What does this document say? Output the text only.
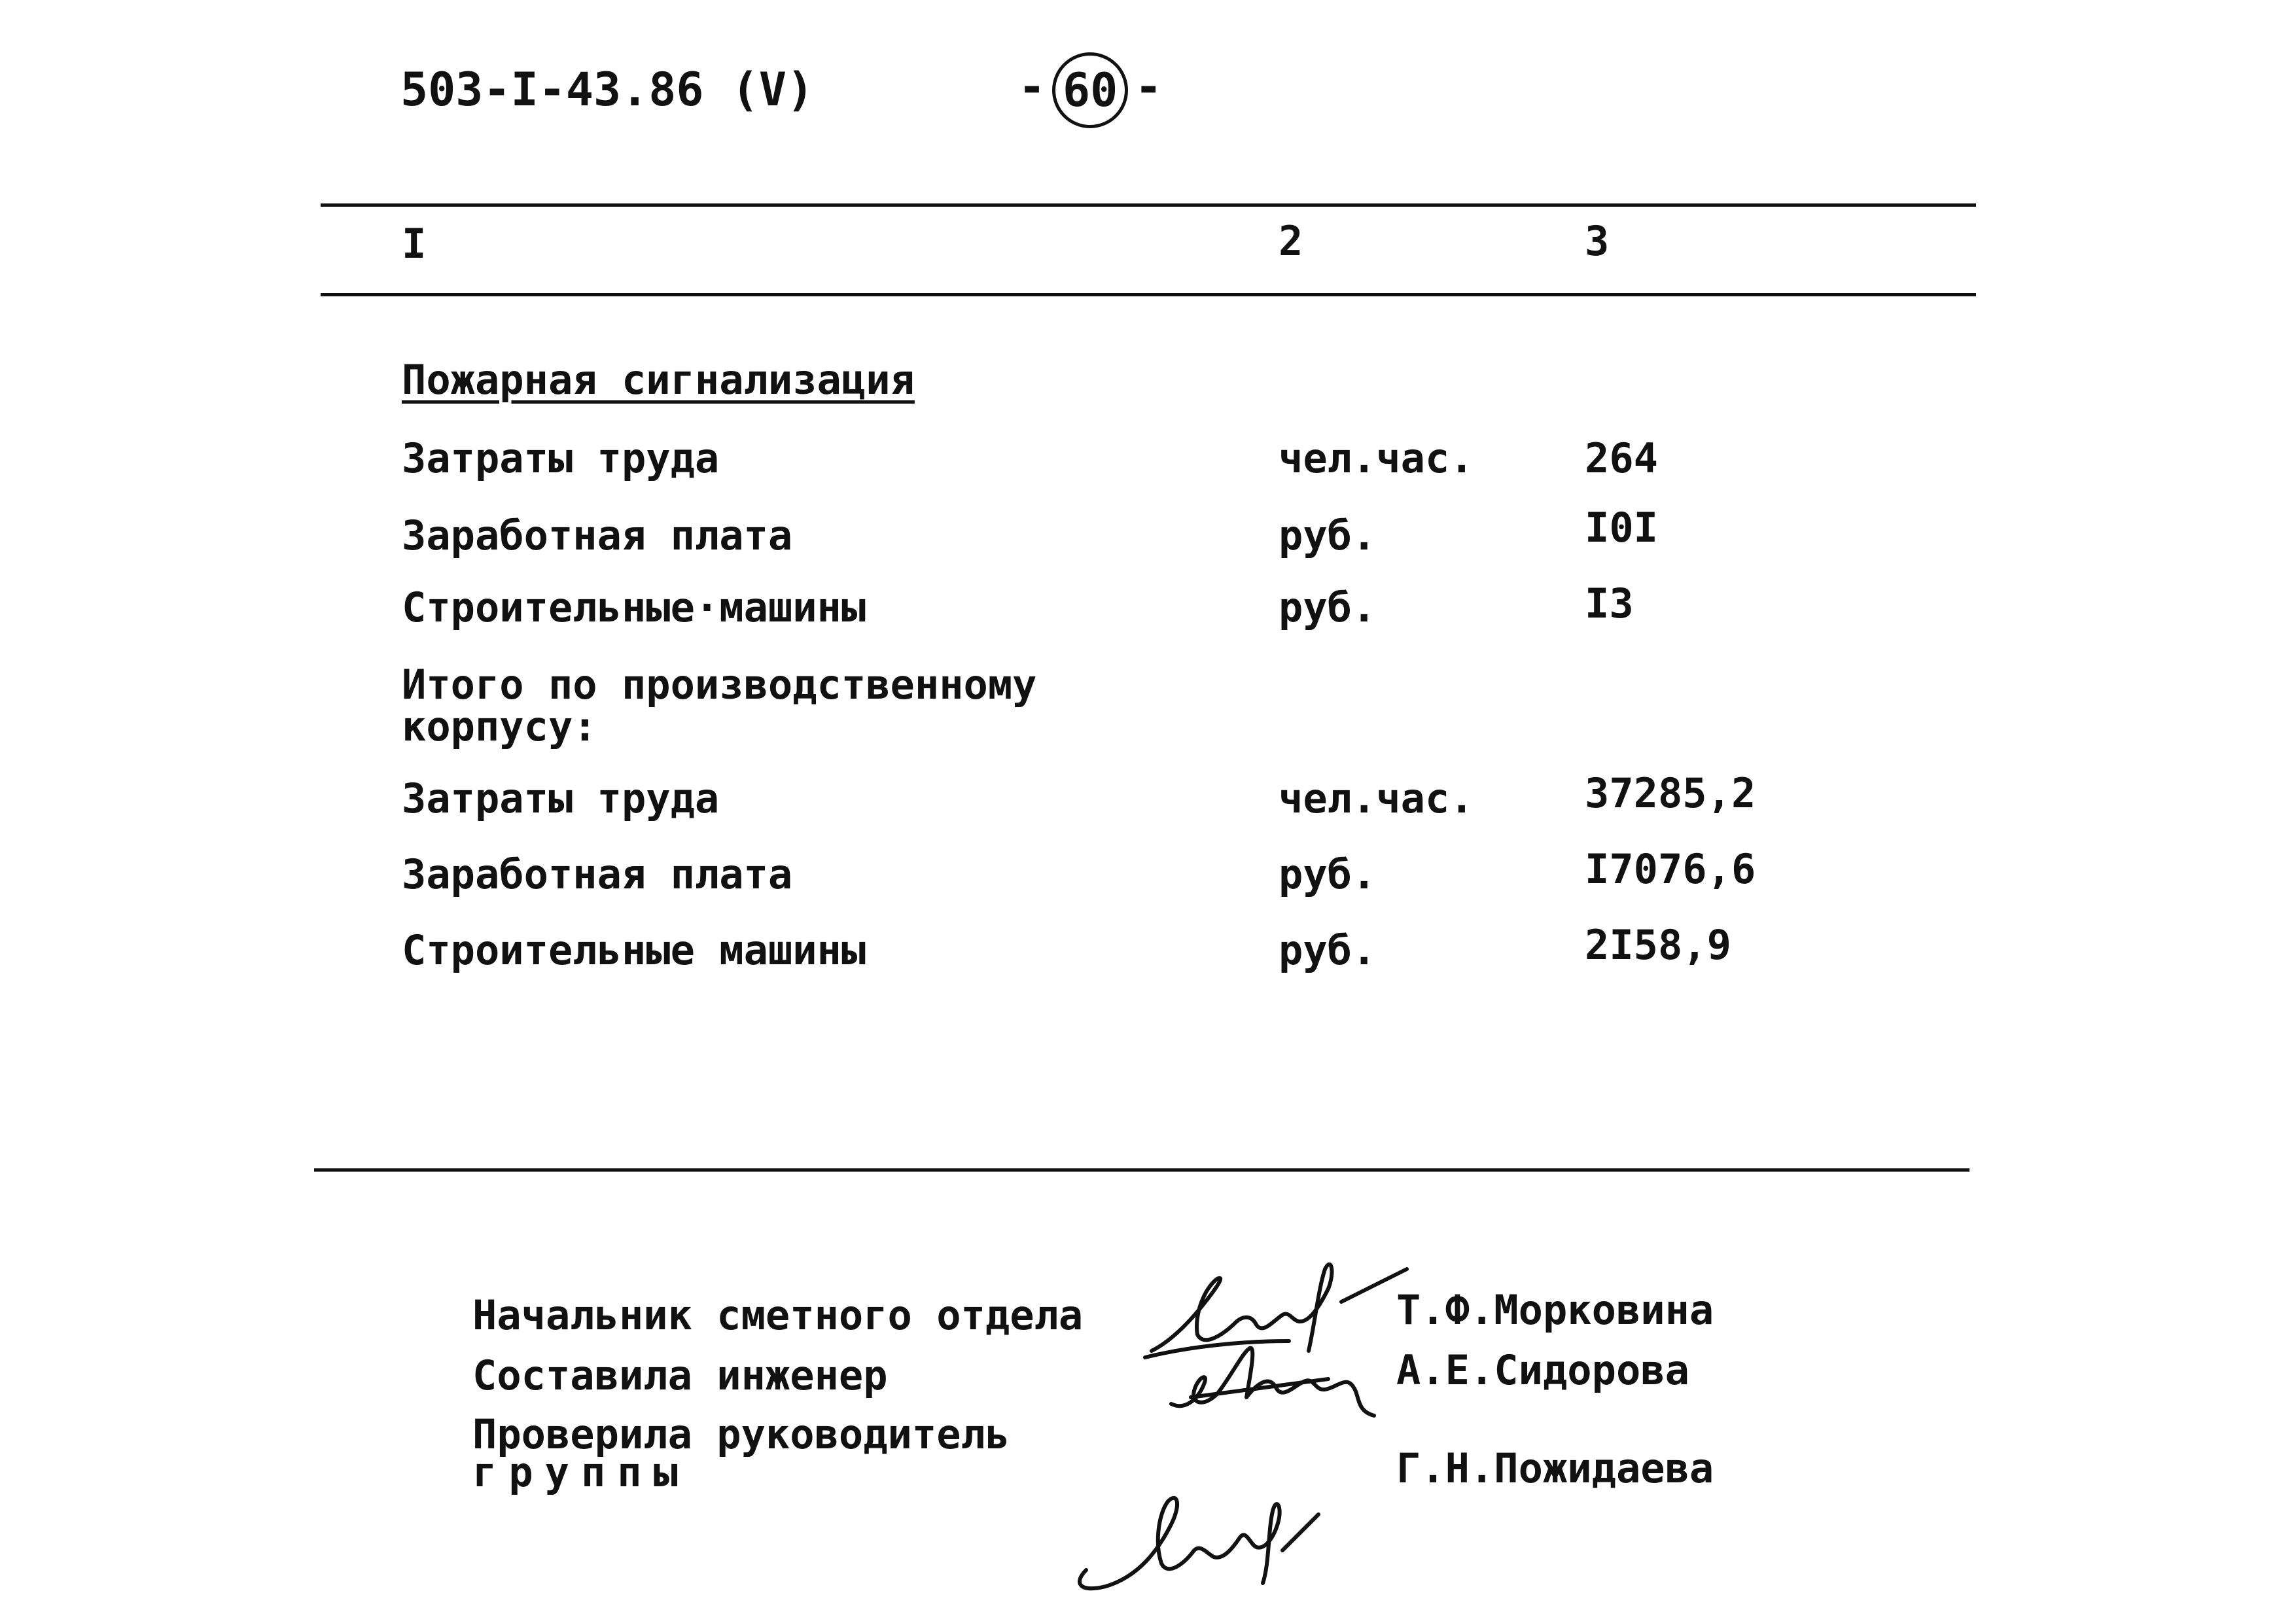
503-I-43.86 (V)	- 60 -
I	2	3
Пожарная сигнализация
Затраты труда	чел.час.	264
Заработная плата	руб.	I0I
Строительные·машины	руб.	I3
Итого по производственному
корпусу:
Затраты труда	чел.час.	37285,2
Заработная плата	руб.	I7076,6
Строительные машины	руб.	2I58,9
Начальник сметного отдела	Т.Ф.Морковина
Составила инженер	А.Е.Сидорова
Проверила руководитель
группы	Г.Н.Пожидаева
